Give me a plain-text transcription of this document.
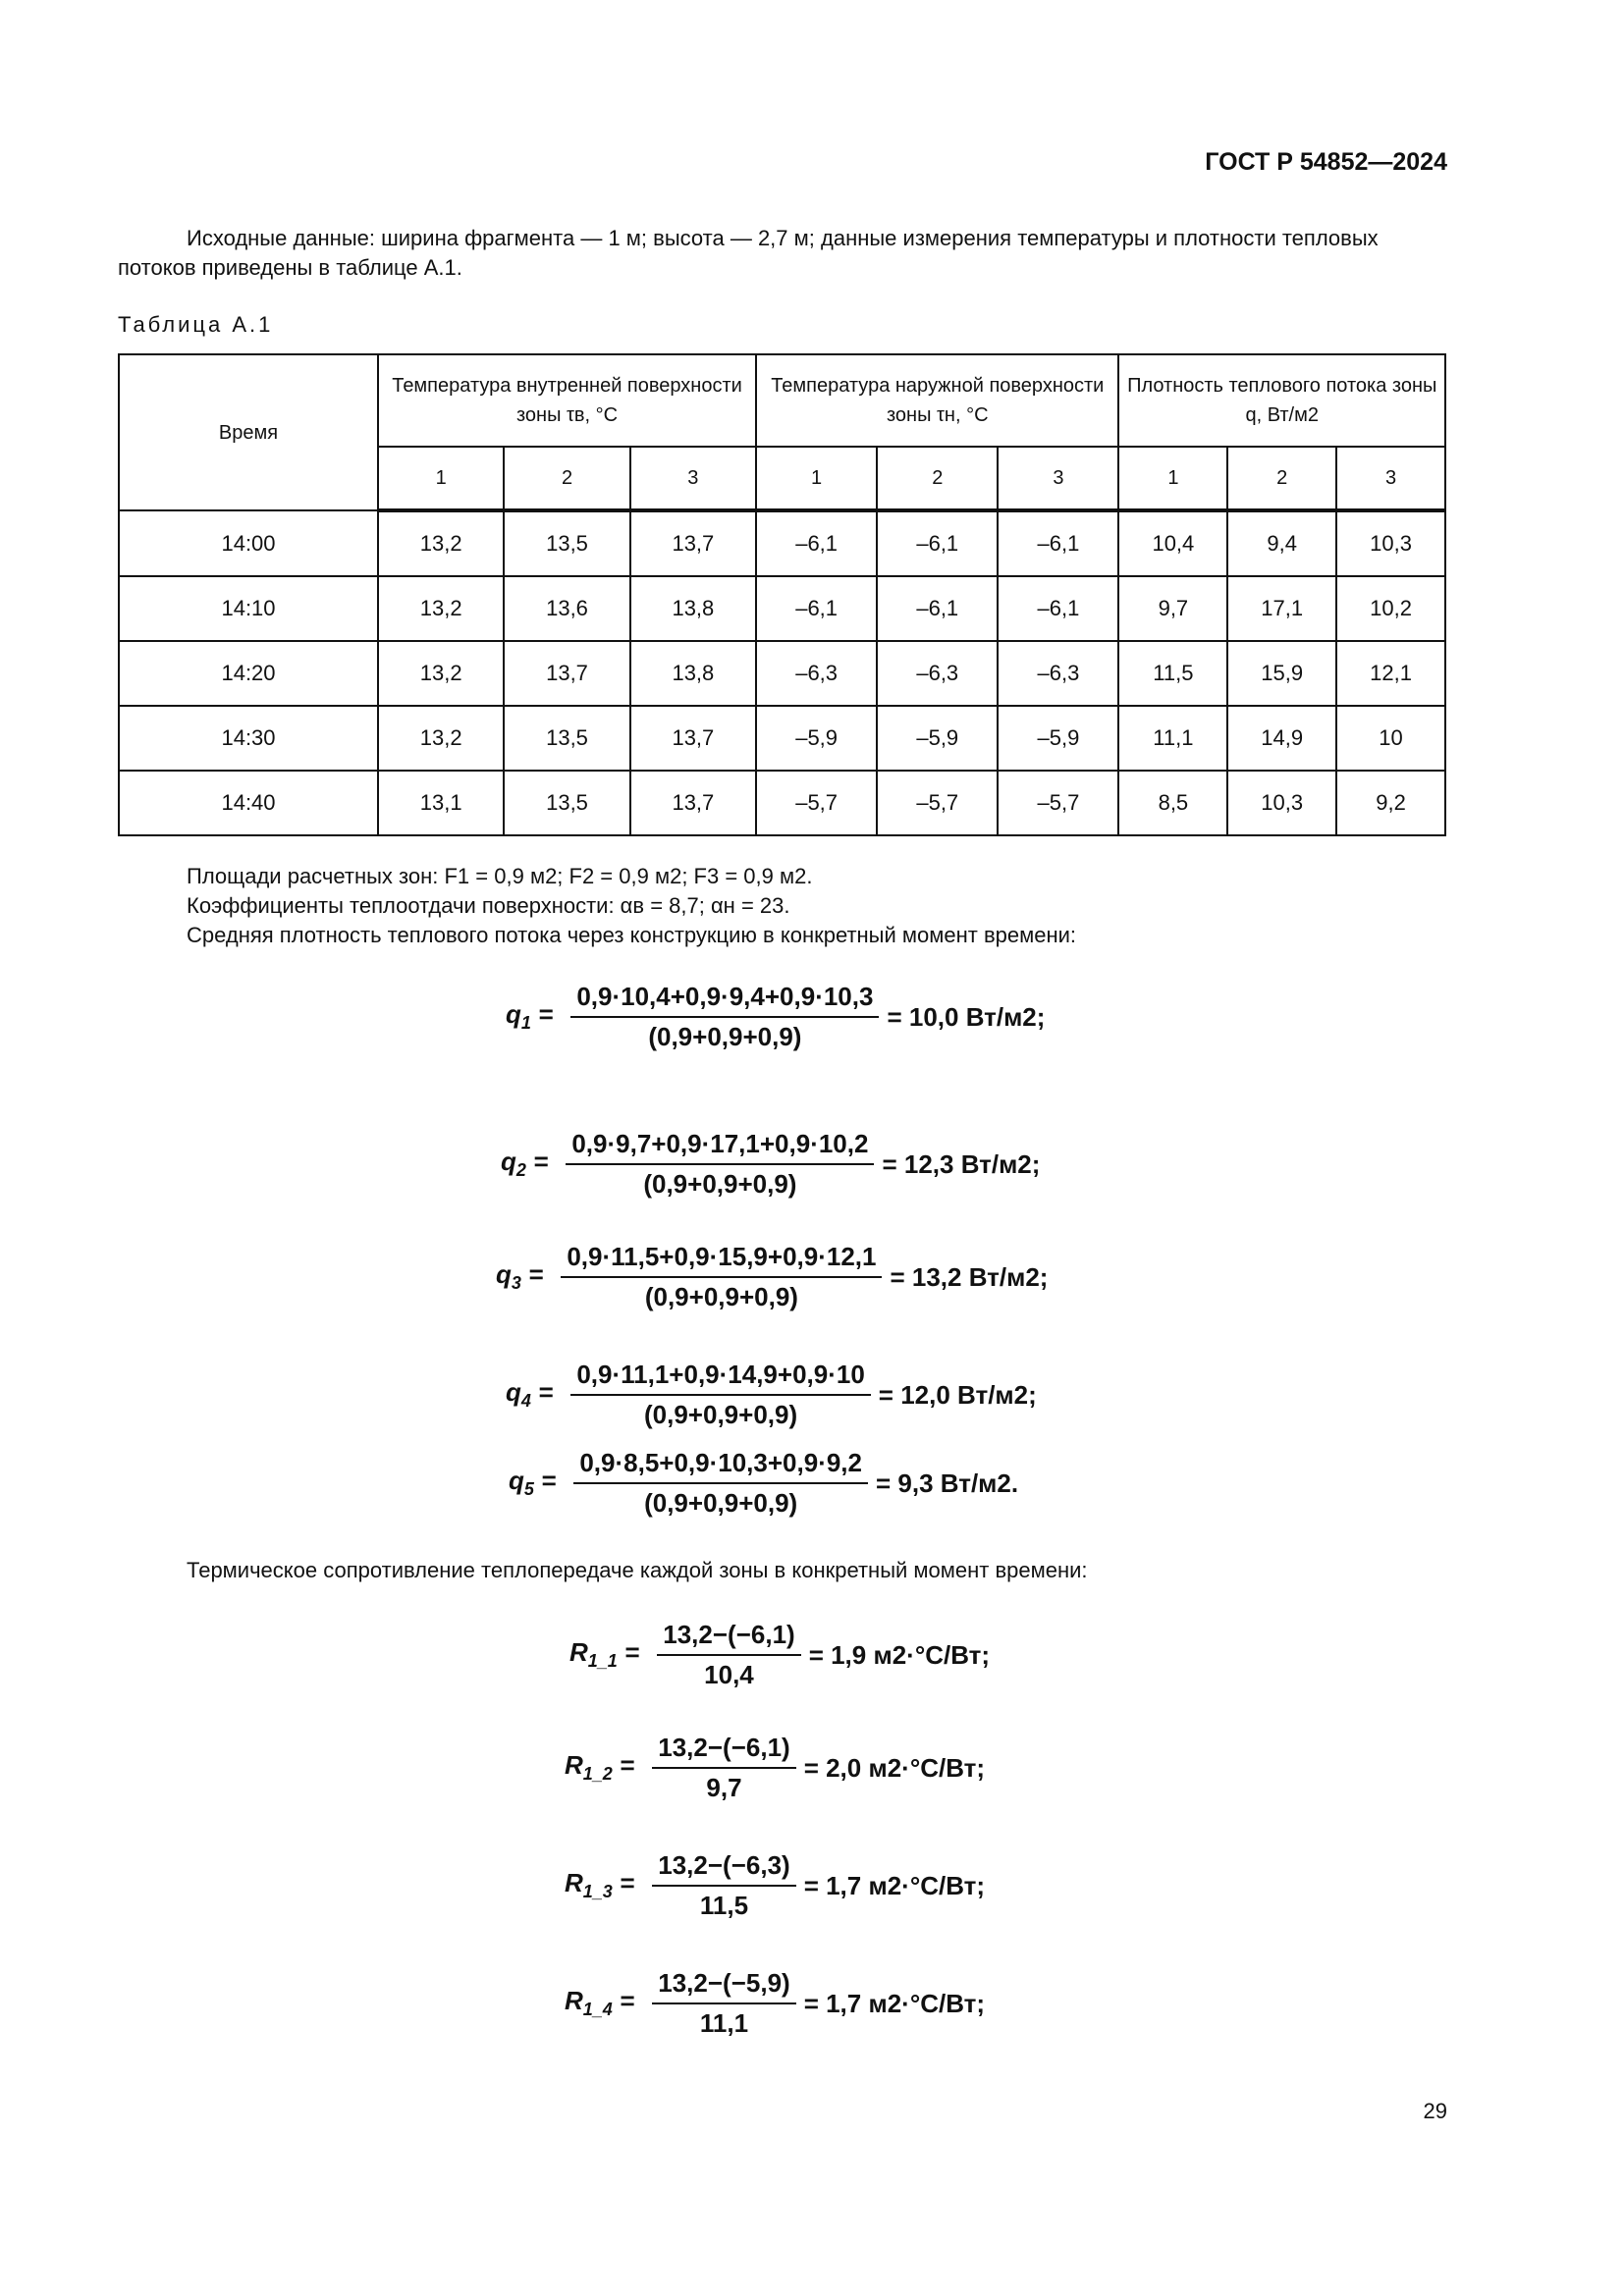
ГОСТ Р 54852—2024
Исходные данные: ширина фрагмента — 1 м; высота — 2,7 м; данные измерения температуры и плотности тепловых потоков приведены в таблице А.1.
Таблица А.1
Время	Температура внутренней поверхности зоны τв, °С			Температура наружной поверхности зоны τн, °С			Плотность теплового потока зоны q, Вт/м2		
	1	2	3	1	2	3	1	2	3
14:00	13,2	13,5	13,7	–6,1	–6,1	–6,1	10,4	9,4	10,3
14:10	13,2	13,6	13,8	–6,1	–6,1	–6,1	9,7	17,1	10,2
14:20	13,2	13,7	13,8	–6,3	–6,3	–6,3	11,5	15,9	12,1
14:30	13,2	13,5	13,7	–5,9	–5,9	–5,9	11,1	14,9	10
14:40	13,1	13,5	13,7	–5,7	–5,7	–5,7	8,5	10,3	9,2
Площади расчетных зон: F1 = 0,9 м2; F2 = 0,9 м2; F3 = 0,9 м2.
Коэффициенты теплоотдачи поверхности: αв = 8,7; αн = 23.
Средняя плотность теплового потока через конструкцию в конкретный момент времени:
$q_1 = \frac{0,9\cdot 10,4+0,9\cdot 9,4+0,9\cdot 10,3}{(0,9+0,9+0,9)} = 10,0$ Вт/м2;
$q_2 = \frac{0,9\cdot 9,7+0,9\cdot 17,1+0,9\cdot 10,2}{(0,9+0,9+0,9)} = 12,3$ Вт/м2;
$q_3 = \frac{0,9\cdot 11,5+0,9\cdot 15,9+0,9\cdot 12,1}{(0,9+0,9+0,9)} = 13,2$ Вт/м2;
$q_4 = \frac{0,9\cdot 11,1+0,9\cdot 14,9+0,9\cdot 10}{(0,9+0,9+0,9)} = 12,0$ Вт/м2;
$q_5 = \frac{0,9\cdot 8,5+0,9\cdot 10,3+0,9\cdot 9,2}{(0,9+0,9+0,9)} = 9,3$ Вт/м2.
Термическое сопротивление теплопередаче каждой зоны в конкретный момент времени:
$R_{1\_1} = \frac{13,2-(-6,1)}{10,4} = 1,9$ м2·°С/Вт;
$R_{1\_2} = \frac{13,2-(-6,1)}{9,7} = 2,0$ м2·°С/Вт;
$R_{1\_3} = \frac{13,2-(-6,3)}{11,5} = 1,7$ м2·°С/Вт;
$R_{1\_4} = \frac{13,2-(-5,9)}{11,1} = 1,7$ м2·°С/Вт;
29
